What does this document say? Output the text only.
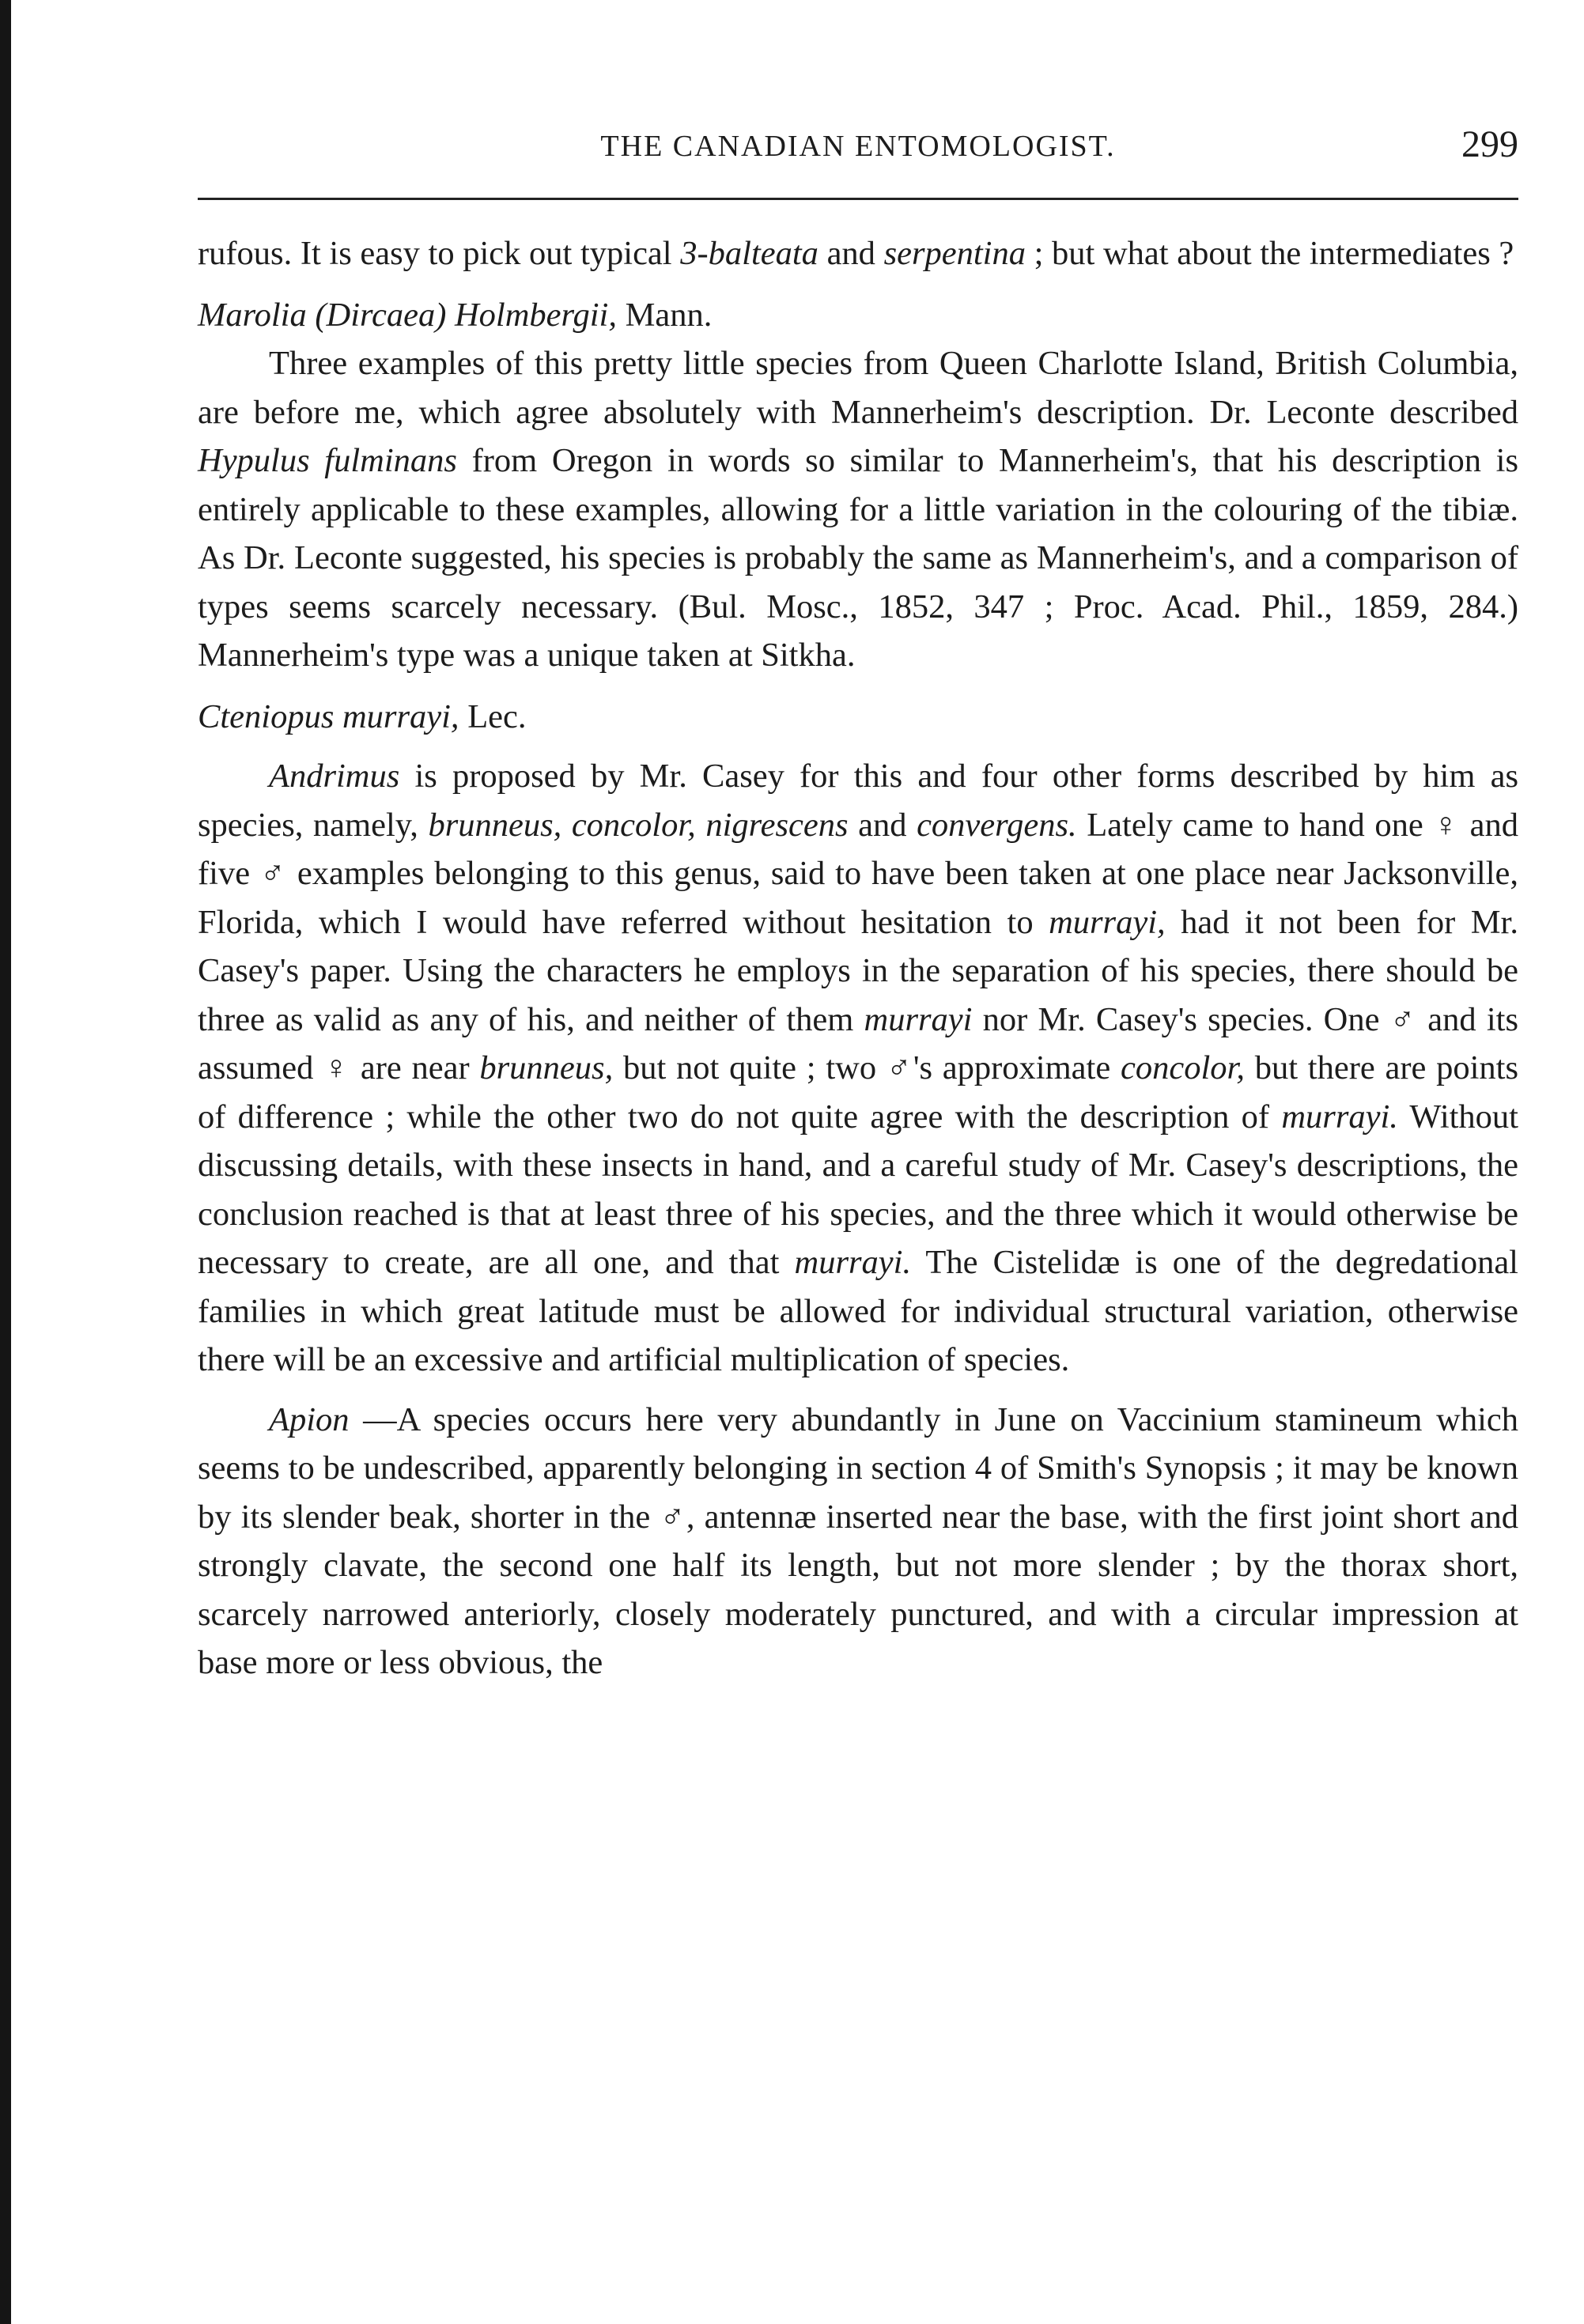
THE CANADIAN ENTOMOLOGIST.	299

rufous. It is easy to pick out typical 3-balteata and serpentina ; but what about the intermediates ?

Marolia (Dircaea) Holmbergii, Mann.

Three examples of this pretty little species from Queen Charlotte Island, British Columbia, are before me, which agree absolutely with Mannerheim's description. Dr. Leconte described Hypulus fulminans from Oregon in words so similar to Mannerheim's, that his description is entirely applicable to these examples, allowing for a little variation in the colouring of the tibiæ. As Dr. Leconte suggested, his species is probably the same as Mannerheim's, and a comparison of types seems scarcely necessary. (Bul. Mosc., 1852, 347 ; Proc. Acad. Phil., 1859, 284.) Mannerheim's type was a unique taken at Sitkha.

Cteniopus murrayi, Lec.

Andrimus is proposed by Mr. Casey for this and four other forms described by him as species, namely, brunneus, concolor, nigrescens and convergens. Lately came to hand one ♀ and five ♂ examples belonging to this genus, said to have been taken at one place near Jacksonville, Florida, which I would have referred without hesitation to murrayi, had it not been for Mr. Casey's paper. Using the characters he employs in the separation of his species, there should be three as valid as any of his, and neither of them murrayi nor Mr. Casey's species. One ♂ and its assumed ♀ are near brunneus, but not quite ; two ♂'s approximate concolor, but there are points of difference ; while the other two do not quite agree with the description of murrayi. Without discussing details, with these insects in hand, and a careful study of Mr. Casey's descriptions, the conclusion reached is that at least three of his species, and the three which it would otherwise be necessary to create, are all one, and that murrayi. The Cistelidæ is one of the degredational families in which great latitude must be allowed for individual structural variation, otherwise there will be an excessive and artificial multiplication of species.

Apion —A species occurs here very abundantly in June on Vaccinium stamineum which seems to be undescribed, apparently belonging in section 4 of Smith's Synopsis ; it may be known by its slender beak, shorter in the ♂, antennæ inserted near the base, with the first joint short and strongly clavate, the second one half its length, but not more slender ; by the thorax short, scarcely narrowed anteriorly, closely moderately punctured, and with a circular impression at base more or less obvious, the
